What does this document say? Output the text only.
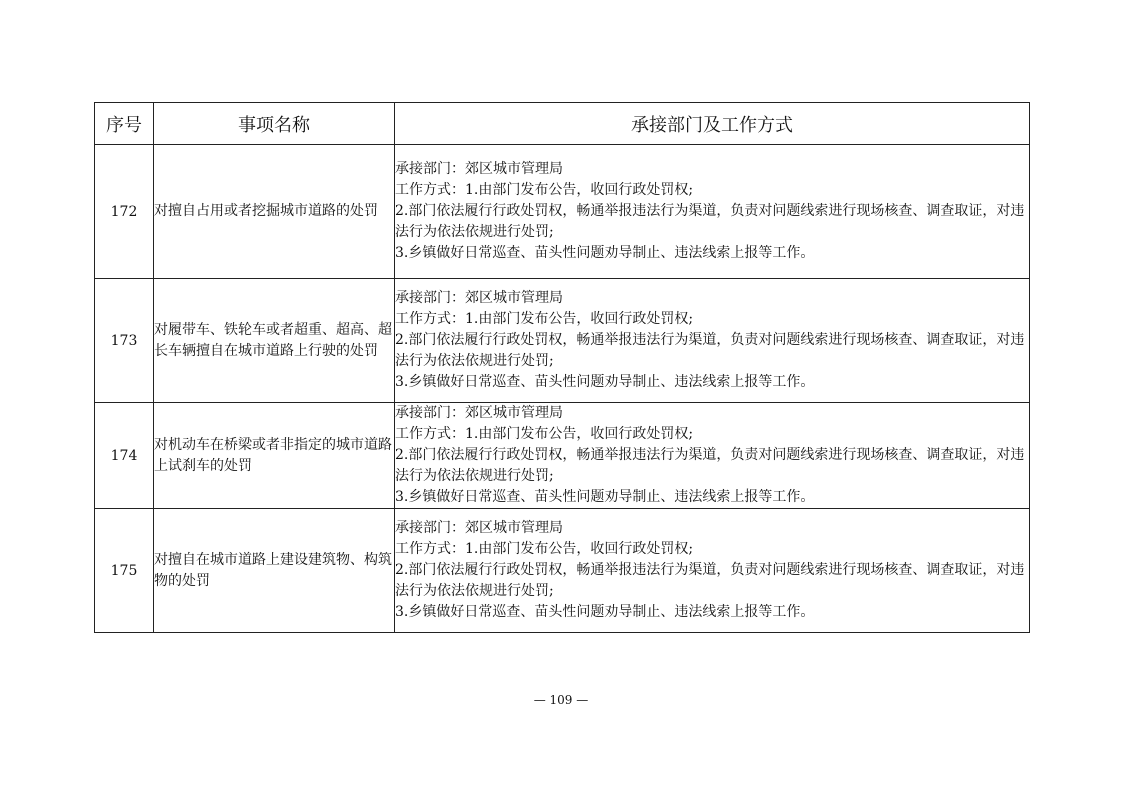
序号	事项名称	承接部门及工作方式
172	对擅自占用或者挖掘城市道路的处罚	承接部门：郊区城市管理局
工作方式：1.由部门发布公告，收回行政处罚权;
2.部门依法履行行政处罚权，畅通举报违法行为渠道，负责对问题线索进行现场核查、调查取证，对违法行为依法依规进行处罚;
3.乡镇做好日常巡查、苗头性问题劝导制止、违法线索上报等工作。

173	对履带车、铁轮车或者超重、超高、超长车辆擅自在城市道路上行驶的处罚	承接部门：郊区城市管理局
工作方式：1.由部门发布公告，收回行政处罚权;
2.部门依法履行行政处罚权，畅通举报违法行为渠道，负责对问题线索进行现场核查、调查取证，对违法行为依法依规进行处罚;
3.乡镇做好日常巡查、苗头性问题劝导制止、违法线索上报等工作。

174	对机动车在桥梁或者非指定的城市道路上试刹车的处罚	承接部门：郊区城市管理局
工作方式：1.由部门发布公告，收回行政处罚权;
2.部门依法履行行政处罚权，畅通举报违法行为渠道，负责对问题线索进行现场核查、调查取证，对违法行为依法依规进行处罚;
3.乡镇做好日常巡查、苗头性问题劝导制止、违法线索上报等工作。

175	对擅自在城市道路上建设建筑物、构筑物的处罚	承接部门：郊区城市管理局
工作方式：1.由部门发布公告，收回行政处罚权;
2.部门依法履行行政处罚权，畅通举报违法行为渠道，负责对问题线索进行现场核查、调查取证，对违法行为依法依规进行处罚;
3.乡镇做好日常巡查、苗头性问题劝导制止、违法线索上报等工作。
— 109 —
